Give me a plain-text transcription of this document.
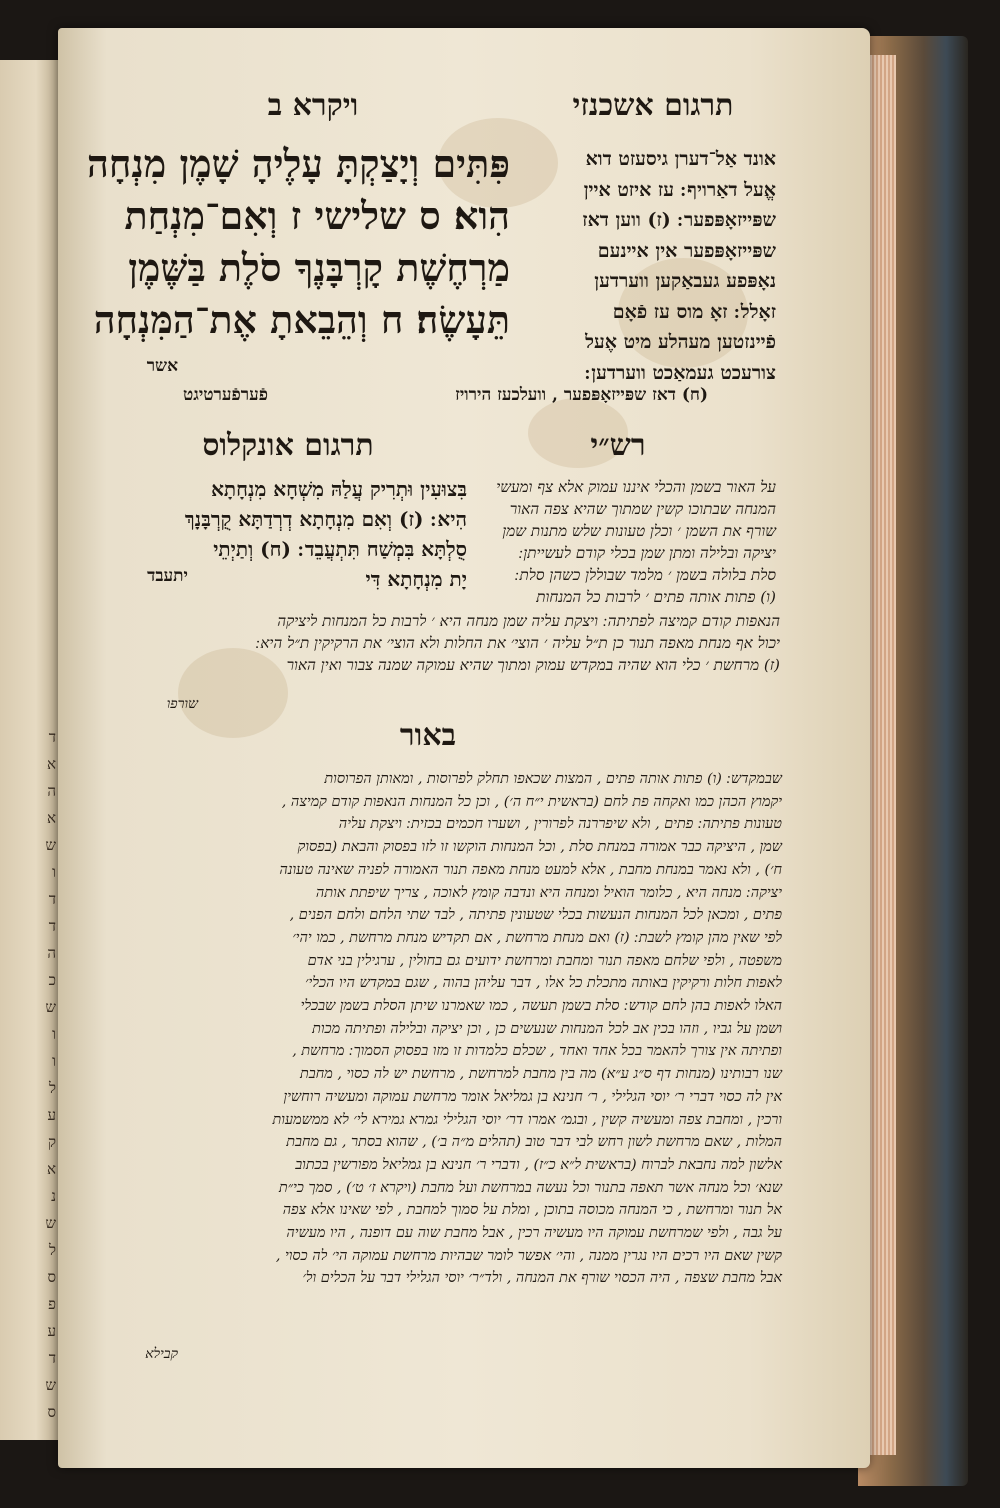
ד
א
ה
א
ש
ו
ד
ד
ה
כ
ש
ו
ו
ל
ע
ק
א
נ
ש
ל
ס
פ
ע
ד
ש
ס
ויקרא ב	תרגום אשכנזי
פִּתִּים וְיָצַקְתָּ עָלֶיהָ שָׁמֶן מִנְחָה
הִוא׃ ס שלישי ז וְאִם־מִנְחַת
מַרְחֶשֶׁת קָרְבָּנֶךָ סֹלֶת בַּשֶּׁמֶן
תֵּעָשֶׂה׃ ח וְהֵבֵאתָ אֶת־הַמִּנְחָה
אשר
אונד אַל־דערן גיסעזט דוא
אֱעל דאַרויף ׃ עז איזט איין
שפּייזאָפּפער ׃ (ז) ווען דאז
שפּייזאָפּפער אין איינעם
נאָפּפע געבאַקען ווערדען
זאָלל ׃ זאָ מוס עז פֿאָם
פֿיינזטען מעהלע מיט אֶעל
צורעכט געמאַכט ווערדען ׃
(ח) דאז שפּייזאָפּפער , וועלכעז הירויז
פֿערפֿערטיגט
תרגום אונקלוס	רש״י
בִּצוּעִין וּתְרִיק עֲלַהּ מִשְׁחָא מִנְחָתָא
הִיא ׃ (ז) וְאִם מִנְחָתָא דְרְדַתָּא קֻרְבָּנָךְ
סֻלְתָּא בִּמְשַׁח תִּתְעֲבֵד ׃ (ח) וְתַיְתֵי
יָת מִנְחָתָא דִּי
יתעבד
על האור בשמן והכלי איננו עמוק אלא צף ומעשי
המנחה שבתוכו קשין שמתוך שהיא צפה האור
שורף את השמן ׳ וכלן טעונות שלש מתנות שמן
יציקה ובלילה ומתן שמן בכלי קודם לעשייתן ׃
סלת בלולה בשמן ׳ מלמד שבוללן כשהן סלת ׃
(ו) פתות אותה פתים ׳ לרבות כל המנחות
הנאפות קודם קמיצה לפתיתה ׃ ויצקת עליה שמן מנחה היא ׳ לרבות כל המנחות ליציקה
יכול אף מנחת מאפה תנור כן ת״ל עליה ׳ הוצי׳ את החלות ולא הוצי׳ את הרקיקין ת״ל היא ׃
(ז) מרחשת ׳ כלי הוא שהיה במקדש עמוק ומתוך שהיא עמוקה שמנה צבור ואין האור
שורפו
באור
שבמקדש ׃ (ו) פתות אותה פתים , המצות שכאפו תחלק לפרוסות , ומאותן הפרוסות
יקמוץ הכהן כמו ואקחה פת לחם (בראשית י״ח ה׳) , וכן כל המנחות הנאפות קודם קמיצה ,
טעונות פתיתה ׃ פתים , ולא שיפררנה לפרורין , ושערו חכמים בכזית ׃ ויצקת עליה
שמן , היציקה כבר אמורה במנחת סלת , וכל המנחות הוקשו זו לזו בפסוק והבאת (בפסוק
ח׳) , ולא נאמר במנחת מחבת , אלא למעט מנחת מאפה תנור האמורה לפניה שאינה טעונה
יציקה ׃ מנחה היא , כלומר הואיל ומנחה היא ונדבה קומץ לאוכה , צריך שיפתת אותה
פתים , ומכאן לכל המנחות הנעשות בכלי שטעונין פתיתה , לבד שתי הלחם ולחם הפנים ,
לפי שאין מהן קומץ לשבת ׃ (ז) ואם מנחת מרחשת , אם תקדיש מנחת מרחשת , כמו יהי׳
משפטה , ולפי שלחם מאפה תנור ומחבת ומרחשת ידועים גם בחולין , ערגילין בני אדם
לאפות חלות ורקיקין באותה מתכלת כל אלו , דבר עליהן בהוה , שגם במקדש היו הכלי׳
האלו לאפות בהן לחם קודש ׃ סלת בשמן תעשה , כמו שאמרנו שיתן הסלת בשמן שבכלי
ושמן על גביו , וזהו בכין אב לכל המנחות שנעשים כן , וכן יציקה ובלילה ופתיתה מכות
ופתיתה אין צורך להאמר בכל אחד ואחד , שכלם כלמדות זו מזו בפסוק הסמוך ׃ מרחשת ,
שנו רבותינו (מנחות דף ס״ג ע״א) מה בין מחבת למרחשת , מרחשת יש לה כסוי , מחבת
אין לה כסוי דברי ר׳ יוסי הגלילי , ר׳ חנינא בן גמליאל אומר מרחשת עמוקה ומעשיה רוחשין
ורכין , ומחבת צפה ומעשיה קשין , ובגמ׳ אמרו דר׳ יוסי הגלילי גמרא גמירא לי׳ לא ממשמעות
המלות , שאם מרחשת לשון רחש לבי דבר טוב (תהלים מ״ה ב׳) , שהוא בסתר , גם מחבת
אלשון למה נחבאת לברוח (בראשית ל״א כ״ז) , ודברי ר׳ חנינא בן גמליאל מפורשין בכתוב
שנא׳ וכל מנחה אשר תאפה בתנור וכל נעשה במרחשת ועל מחבת (ויקרא ז׳ ט׳) , סמך כי״ת
אל תנור ומרחשת , כי המנחה מכוסה בתוכן , ומלת על סמוך למחבת , לפי שאינו אלא צפה
על גבה , ולפי שמרחשת עמוקה היו מעשיה רכין , אבל מחבת שוה עם דופנה , היו מעשיה
קשין שאם היו רכים היו נגרין ממנה , והי׳ אפשר לומר שבהיות מרחשת עמוקה הי׳ לה כסוי ,
אבל מחבת שצפה , היה הכסוי שורף את המנחה , ולד״ר׳ יוסי הגלילי דבר על הכלים ול׳
קבילא
